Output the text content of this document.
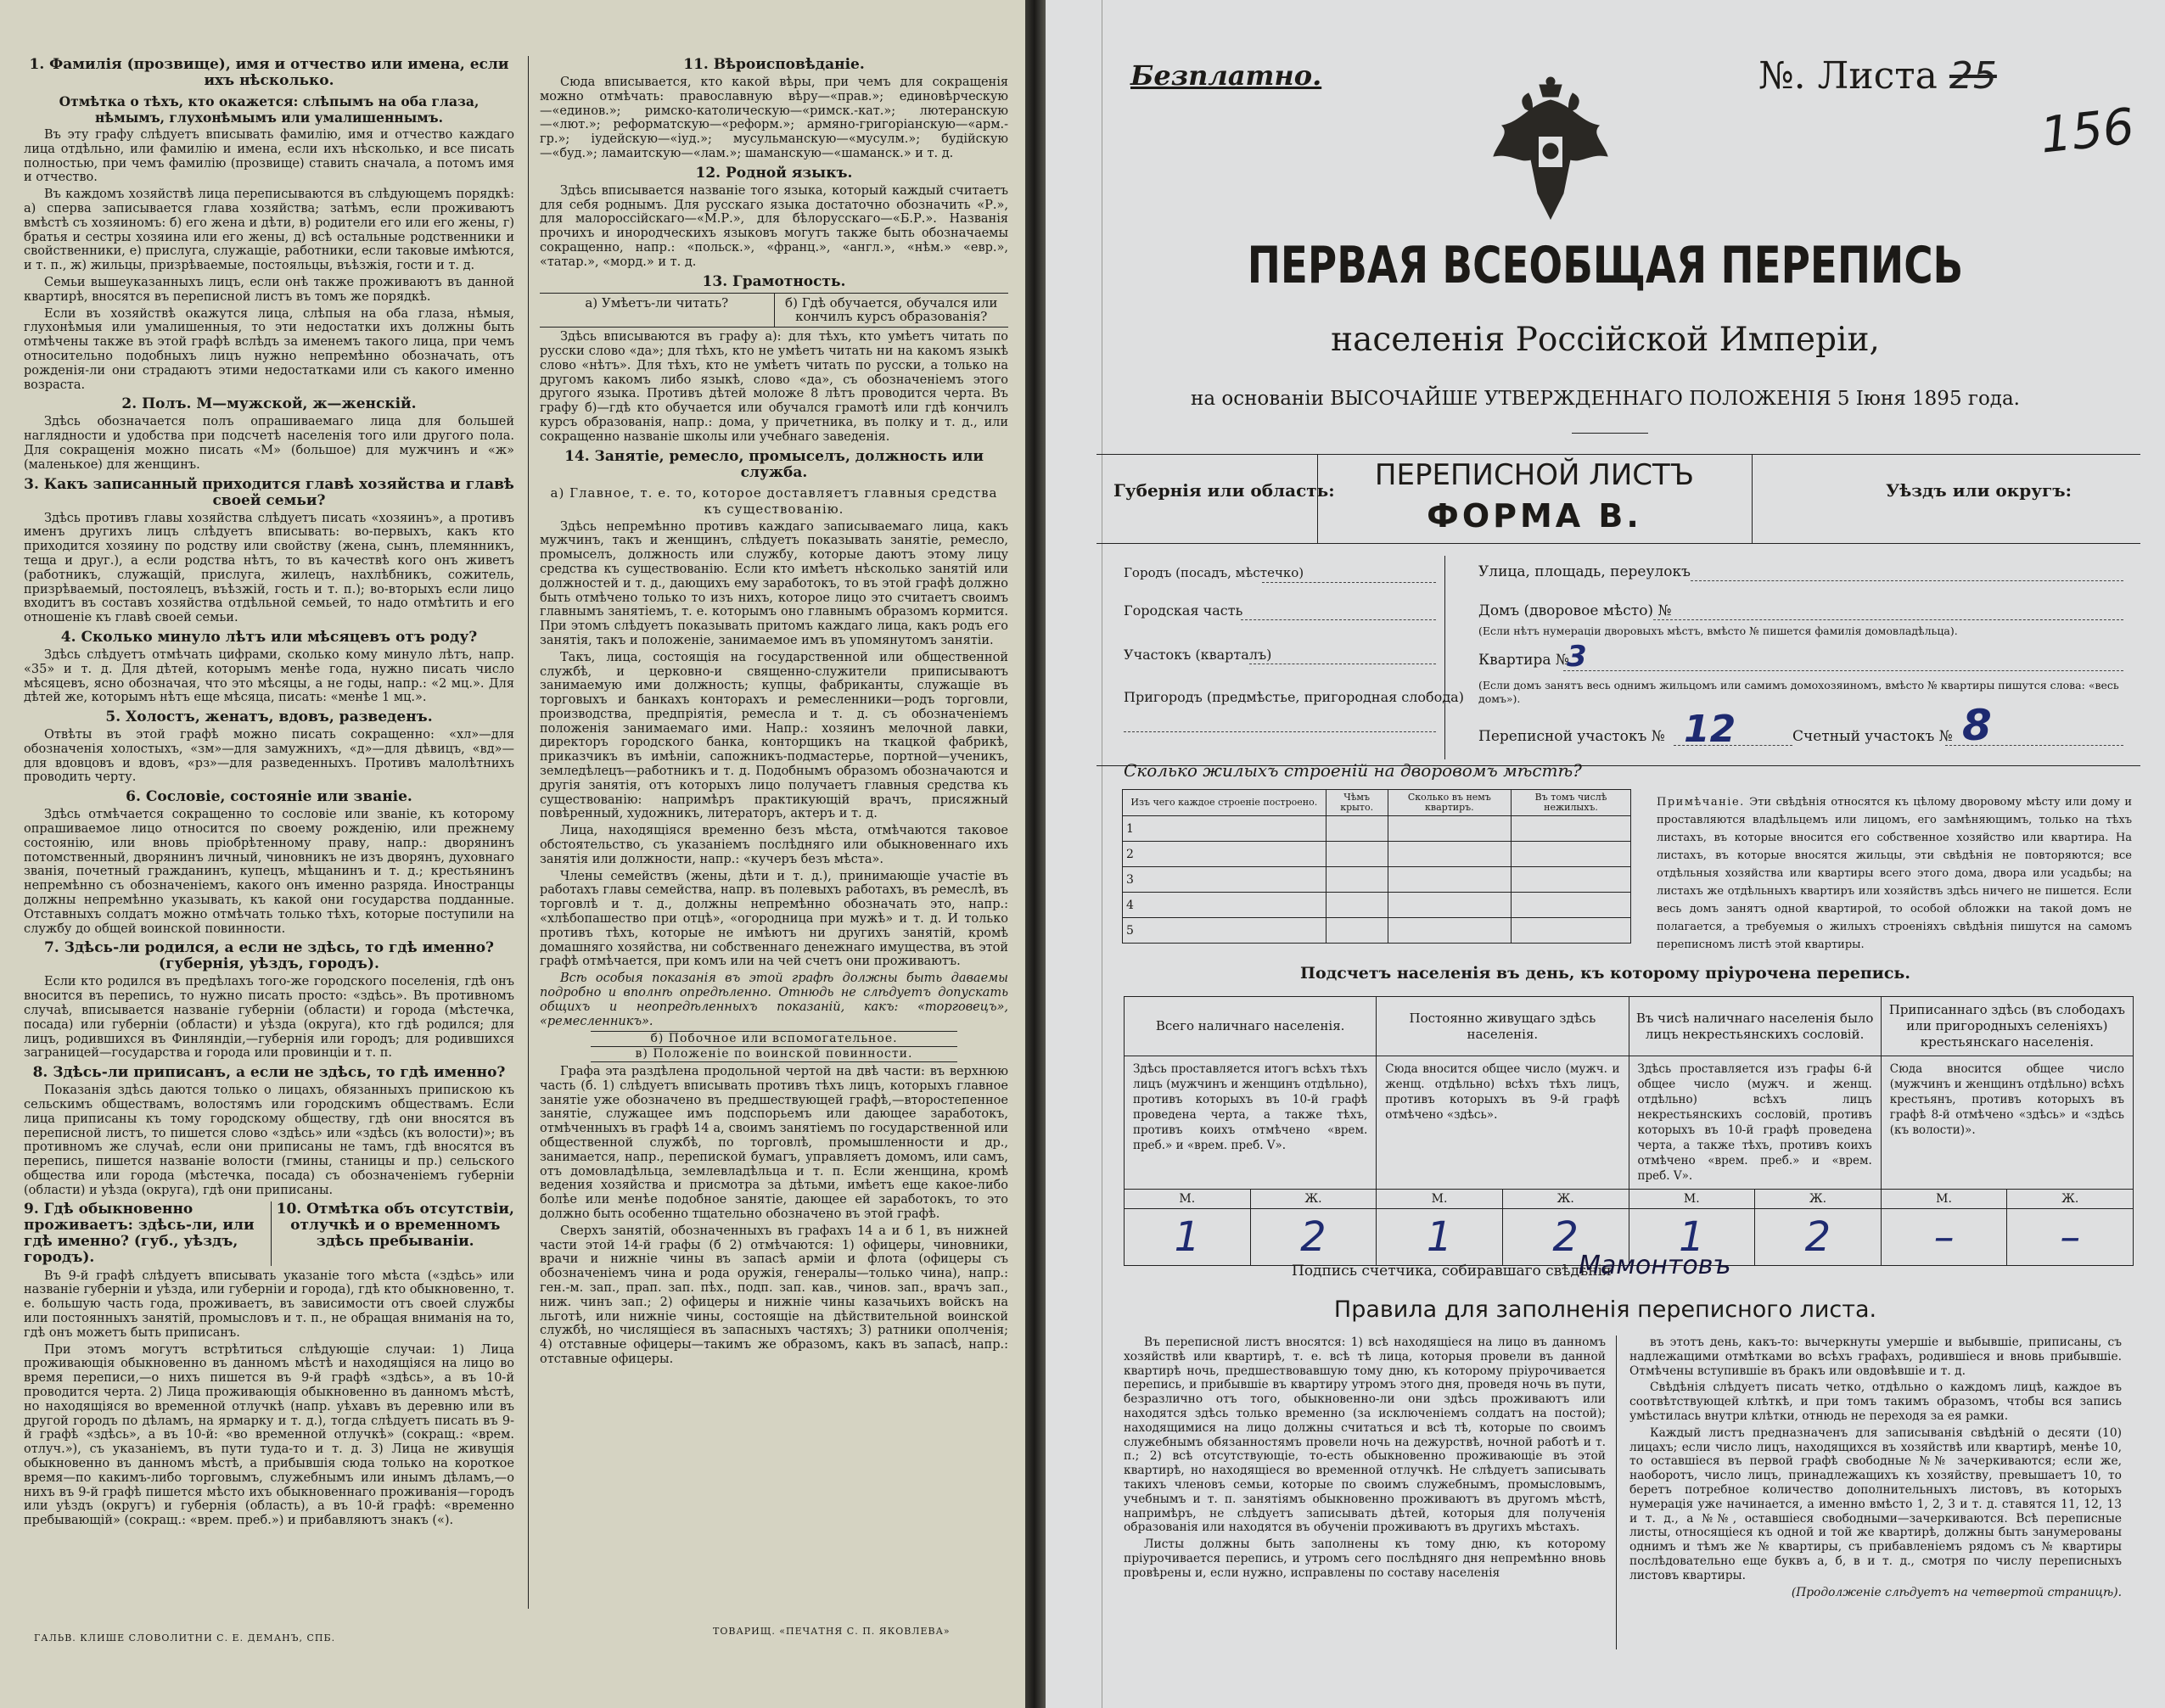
1. Фамилія (прозвище), имя и отчество или имена, если ихъ нѣсколько.
Отмѣтка о тѣхъ, кто окажется: слѣпымъ на оба глаза, нѣмымъ, глухонѣмымъ или умалишеннымъ.

Въ эту графу слѣдуетъ вписывать фамилію, имя и отчество каждаго лица отдѣльно, или фамилію и имена, если ихъ нѣсколько, и все писать полностью, при чемъ фамилію (прозвище) ставить сначала, а потомъ имя и отчество.

Въ каждомъ хозяйствѣ лица переписываются въ слѣдующемъ порядкѣ: а) сперва записывается глава хозяйства; затѣмъ, если проживаютъ вмѣстѣ съ хозяиномъ: б) его жена и дѣти, в) родители его или его жены, г) братья и сестры хозяина или его жены, д) всѣ остальные родственники и свойственники, е) прислуга, служащіе, работники, если таковые имѣются, и т. п., ж) жильцы, призрѣваемые, постояльцы, въѣзжія, гости и т. д.

Семьи вышеуказанныхъ лицъ, если онѣ также проживаютъ въ данной квартирѣ, вносятся въ переписной листъ въ томъ же порядкѣ.

Если въ хозяйствѣ окажутся лица, слѣпыя на оба глаза, нѣмыя, глухонѣмыя или умалишенныя, то эти недостатки ихъ должны быть отмѣчены также въ этой графѣ вслѣдъ за именемъ такого лица, при чемъ относительно подобныхъ лицъ нужно непремѣнно обозначать, отъ рожденія-ли они страдаютъ этими недостатками или съ какого именно возраста.

2. Полъ. М—мужской, ж—женскій.

Здѣсь обозначается полъ опрашиваемаго лица для большей наглядности и удобства при подсчетѣ населенія того или другого пола. Для сокращенія можно писать «М» (большое) для мужчинъ и «ж» (маленькое) для женщинъ.

3. Какъ записанный приходится главѣ хозяйства и главѣ своей семьи?

Здѣсь противъ главы хозяйства слѣдуетъ писать «хозяинъ», а противъ именъ другихъ лицъ слѣдуетъ вписывать: во-первыхъ, какъ кто приходится хозяину по родству или свойству (жена, сынъ, племянникъ, теща и друг.), а если родства нѣтъ, то въ качествѣ кого онъ живетъ (работникъ, служащій, прислуга, жилецъ, нахлѣбникъ, сожитель, призрѣваемый, постоялецъ, въѣзжій, гость и т. п.); во-вторыхъ если лицо входитъ въ составъ хозяйства отдѣльной семьей, то надо отмѣтить и его отношеніе къ главѣ своей семьи.

4. Сколько минуло лѣтъ или мѣсяцевъ отъ роду?

Здѣсь слѣдуетъ отмѣчать цифрами, сколько кому минуло лѣтъ, напр. «35» и т. д. Для дѣтей, которымъ менѣе года, нужно писать число мѣсяцевъ, ясно обозначая, что это мѣсяцы, а не годы, напр.: «2 мц.». Для дѣтей же, которымъ нѣтъ еще мѣсяца, писать: «менѣе 1 мц.».

5. Холостъ, женатъ, вдовъ, разведенъ.

Отвѣты въ этой графѣ можно писать сокращенно: «хл»—для обозначенія холостыхъ, «зм»—для замужнихъ, «д»—для дѣвицъ, «вд»—для вдовцовъ и вдовъ, «рз»—для разведенныхъ. Противъ малолѣтнихъ проводить черту.

6. Сословіе, состояніе или званіе.

Здѣсь отмѣчается сокращенно то сословіе или званіе, къ которому опрашиваемое лицо относится по своему рожденію, или прежнему состоянію, или вновь пріобрѣтенному праву, напр.: дворянинъ потомственный, дворянинъ личный, чиновникъ не изъ дворянъ, духовнаго званія, почетный гражданинъ, купецъ, мѣщанинъ и т. д.; крестьянинъ непремѣнно съ обозначеніемъ, какого онъ именно разряда. Иностранцы должны непремѣнно указывать, къ какой они государства подданные. Отставныхъ солдатъ можно отмѣчать только тѣхъ, которые поступили на службу до общей воинской повинности.

7. Здѣсь-ли родился, а если не здѣсь, то гдѣ именно? (губернія, уѣздъ, городъ).

Если кто родился въ предѣлахъ того-же городского поселенія, гдѣ онъ вносится въ перепись, то нужно писать просто: «здѣсь». Въ противномъ случаѣ, вписывается названіе губерніи (области) и города (мѣстечка, посада) или губерніи (области) и уѣзда (округа), кто гдѣ родился; для лицъ, родившихся въ Финляндіи,—губернія или городъ; для родившихся заграницей—государства и города или провинціи и т. п.

8. Здѣсь-ли приписанъ, а если не здѣсь, то гдѣ именно?

Показанія здѣсь даются только о лицахъ, обязанныхъ припискою къ сельскимъ обществамъ, волостямъ или городскимъ обществамъ. Если лица приписаны къ тому городскому обществу, гдѣ они вносятся въ переписной листъ, то пишется слово «здѣсь» или «здѣсь (къ волости)»; въ противномъ же случаѣ, если они приписаны не тамъ, гдѣ вносятся въ перепись, пишется названіе волости (гмины, станицы и пр.) сельского общества или города (мѣстечка, посада) съ обозначеніемъ губерніи (области) и уѣзда (округа), гдѣ они приписаны.

9. Гдѣ обыкновенно проживаетъ: здѣсь-ли, или гдѣ именно? (губ., уѣздъ, городъ).
10. Отмѣтка объ отсутствіи, отлучкѣ и о временномъ здѣсь пребываніи.

Въ 9-й графѣ слѣдуетъ вписывать указаніе того мѣста («здѣсь» или названіе губерніи и уѣзда, или губерніи и города), гдѣ кто обыкновенно, т. е. большую часть года, проживаетъ, въ зависимости отъ своей службы или постоянныхъ занятій, промысловъ и т. п., не обращая вниманія на то, гдѣ онъ можетъ быть приписанъ.

При этомъ могутъ встрѣтиться слѣдующіе случаи: 1) Лица проживающія обыкновенно въ данномъ мѣстѣ и находящіяся на лицо во время переписи,—о нихъ пишется въ 9-й графѣ «здѣсь», а въ 10-й проводится черта. 2) Лица проживающія обыкновенно въ данномъ мѣстѣ, но находящіяся во временной отлучкѣ (напр. уѣхавъ въ деревню или въ другой городъ по дѣламъ, на ярмарку и т. д.), тогда слѣдуетъ писать въ 9-й графѣ «здѣсь», а въ 10-й: «во временной отлучкѣ» (сокращ.: «врем. отлуч.»), съ указаніемъ, въ пути туда-то и т. д. 3) Лица не живущія обыкновенно въ данномъ мѣстѣ, а прибывшія сюда только на короткое время—по какимъ-либо торговымъ, служебнымъ или инымъ дѣламъ,—о нихъ въ 9-й графѣ пишется мѣсто ихъ обыкновеннаго проживанія—городъ или уѣздъ (округъ) и губернія (область), а въ 10-й графѣ: «временно пребывающій» (сокращ.: «врем. преб.») и прибавляютъ знакъ («).

11. Вѣроисповѣданіе.

Сюда вписывается, кто какой вѣры, при чемъ для сокращенія можно отмѣчать: православную вѣру—«прав.»; единовѣрческую—«единов.»; римско-католическую—«римск.-кат.»; лютеранскую—«лют.»; реформатскую—«реформ.»; армяно-григоріанскую—«арм.-гр.»; іудейскую—«іуд.»; мусульманскую—«мусулм.»; будійскую—«буд.»; ламаитскую—«лам.»; шаманскую—«шаманск.» и т. д.

12. Родной языкъ.

Здѣсь вписывается названіе того языка, который каждый считаетъ для себя роднымъ. Для русскаго языка достаточно обозначить «Р.», для малороссійскаго—«М.Р.», для бѣлорусскаго—«Б.Р.». Названія прочихъ и инородческихъ языковъ могутъ также быть обозначаемы сокращенно, напр.: «польск.», «франц.», «англ.», «нѣм.» «евр.», «татар.», «морд.» и т. д.

13. Грамотность.
а) Умѣетъ-ли читать?	б) Гдѣ обучается, обучался или кончилъ курсъ образованія?

Здѣсь вписываются въ графу а): для тѣхъ, кто умѣетъ читать по русски слово «да»; для тѣхъ, кто не умѣетъ читать ни на какомъ языкѣ слово «нѣтъ». Для тѣхъ, кто не умѣетъ читать по русски, а только на другомъ какомъ либо языкѣ, слово «да», съ обозначеніемъ этого другого языка. Противъ дѣтей моложе 8 лѣтъ проводится черта. Въ графу б)—гдѣ кто обучается или обучался грамотѣ или гдѣ кончилъ курсъ образованія, напр.: дома, у причетника, въ полку и т. д., или сокращенно названіе школы или учебнаго заведенія.

14. Занятіе, ремесло, промыселъ, должность или служба.
а) Главное, т. е. то, которое доставляетъ главныя средства къ существованію.

Здѣсь непремѣнно противъ каждаго записываемаго лица, какъ мужчинъ, такъ и женщинъ, слѣдуетъ показывать занятіе, ремесло, промыселъ, должность или службу, которые даютъ этому лицу средства къ существованію. Если кто имѣетъ нѣсколько занятій или должностей и т. д., дающихъ ему заработокъ, то въ этой графѣ должно быть отмѣчено только то изъ нихъ, которое лицо это считаетъ своимъ главнымъ занятіемъ, т. е. которымъ оно главнымъ образомъ кормится. При этомъ слѣдуетъ показывать притомъ каждаго лица, какъ родъ его занятія, такъ и положеніе, занимаемое имъ въ упомянутомъ занятіи.

Такъ, лица, состоящія на государственной или общественной службѣ, и церковно-и священно-служители приписываютъ занимаемую ими должность; купцы, фабриканты, служащіе въ торговыхъ и банкахъ конторахъ и ремесленники—родъ торговли, производства, предпріятія, ремесла и т. д. съ обозначеніемъ положенія занимаемаго ими. Напр.: хозяинъ мелочной лавки, директоръ городского банка, конторщикъ на ткацкой фабрикѣ, приказчикъ въ имѣніи, сапожникъ-подмастерье, портной—ученикъ, земледѣлецъ—работникъ и т. д. Подобнымъ образомъ обозначаются и другія занятія, отъ которыхъ лицо получаетъ главныя средства къ существованію: напримѣръ практикующій врачъ, присяжный повѣренный, художникъ, литераторъ, актеръ и т. д.

Лица, находящіяся временно безъ мѣста, отмѣчаются таковое обстоятельство, съ указаніемъ послѣдняго или обыкновеннаго ихъ занятія или должности, напр.: «кучеръ безъ мѣста».

Члены семействъ (жены, дѣти и т. д.), принимающіе участіе въ работахъ главы семейства, напр. въ полевыхъ работахъ, въ ремеслѣ, въ торговлѣ и т. д., должны непремѣнно обозначать это, напр.: «хлѣбопашество при отцѣ», «огородница при мужѣ» и т. д. И только противъ тѣхъ, которые не имѣютъ ни другихъ занятій, кромѣ домашняго хозяйства, ни собственнаго денежнаго имущества, въ этой графѣ отмѣчается, при комъ или на чей счетъ они проживаютъ.

Всѣ особыя показанія въ этой графѣ должны быть даваемы подробно и вполнѣ опредѣленно. Отнюдь не слѣдуетъ допускать общихъ и неопредѣленныхъ показаній, какъ: «торговецъ», «ремесленникъ».

б) Побочное или вспомогательное.
в) Положеніе по воинской повинности.

Графа эта раздѣлена продольной чертой на двѣ части: въ верхнюю часть (б. 1) слѣдуетъ вписывать противъ тѣхъ лицъ, которыхъ главное занятіе уже обозначено въ предшествующей графѣ,—второстепенное занятіе, служащее имъ подспорьемъ или дающее заработокъ, отмѣченныхъ въ графѣ 14 а, своимъ занятіемъ по государственной или общественной службѣ, по торговлѣ, промышленности и др., занимается, напр., перепиской бумагъ, управляетъ домомъ, или самъ, отъ домовладѣльца, землевладѣльца и т. п. Если женщина, кромѣ ведения хозяйства и присмотра за дѣтьми, имѣетъ еще какое-либо болѣе или менѣе подобное занятіе, дающее ей заработокъ, то это должно быть особенно тщательно обозначено въ этой графѣ.

Сверхъ занятій, обозначенныхъ въ графахъ 14 а и б 1, въ нижней части этой 14-й графы (б 2) отмѣчаются: 1) офицеры, чиновники, врачи и нижніе чины въ запасѣ арміи и флота (офицеры съ обозначеніемъ чина и рода оружія, генералы—только чина), напр.: ген.-м. зап., прап. зап. пѣх., подп. зап. кав., чинов. зап., врачъ зап., ниж. чинъ зап.; 2) офицеры и нижніе чины казачьихъ войскъ на льготѣ, или нижніе чины, состоящіе на дѣйствительной воинской службѣ, но числящіеся въ запасныхъ частяхъ; 3) ратники ополченія; 4) отставные офицеры—такимъ же образомъ, какъ въ запасѣ, напр.: отставные офицеры.

ГАЛЬВ. КЛИШЕ СЛОВОЛИТНИ С. Е. ДЕМАНЪ, СПБ.
ТОВАРИЩ. «ПЕЧАТНЯ С. П. ЯКОВЛЕВА»
Безплатно.	№. Листа 25
156
ПЕРВАЯ ВСЕОБЩАЯ ПЕРЕПИСЬ
населенія Россійской Имперіи,
на основаніи ВЫСОЧАЙШЕ УТВЕРЖДЕННАГО ПОЛОЖЕНІЯ 5 Іюня 1895 года.
Губернія или область:	ПЕРЕПИСНОЙ ЛИСТЪ
ФОРМА В.
Уѣздъ или округъ:
Городъ (посадъ, мѣстечко)	Улица, площадь, переулокъ
Городская часть	Домъ (дворовое мѣсто) №
(Если нѣтъ нумераціи дворовыхъ мѣстъ, вмѣсто № пишется фамилія домовладѣльца).
Участокъ (кварталъ)	Квартира №
3
Пригородъ (предмѣстье, пригородная слобода)
(Если домъ занятъ весь однимъ жильцомъ или самимъ домохозяиномъ, вмѣсто № квартиры пишутся слова: «весь домъ»).
Переписной участокъ № 12	Счетный участокъ № 8
Сколько жилыхъ строеній на дворовомъ мѣстѣ?
Изъ чего каждое строеніе построено.	Чѣмъ крыто.	Сколько въ немъ квартиръ.	Въ томъ числѣ нежилыхъ.
1			
2			
3			
4			
5			
Примѣчаніе. Эти свѣдѣнія относятся къ цѣлому дворовому мѣсту или дому и проставляются владѣльцемъ или лицомъ, его замѣняющимъ, только на тѣхъ листахъ, въ которые вносится его собственное хозяйство или квартира. На листахъ, въ которые вносятся жильцы, эти свѣдѣнія не повторяются; все отдѣльныя хозяйства или квартиры всего этого дома, двора или усадьбы; на листахъ же отдѣльныхъ квартиръ или хозяйствъ здѣсь ничего не пишется. Если весь домъ занятъ одной квартирой, то особой обложки на такой домъ не полагается, а требуемыя о жилыхъ строеніяхъ свѣдѣнія пишутся на самомъ переписномъ листѣ этой квартиры.
Подсчетъ населенія въ день, къ которому пріурочена перепись.
Всего наличнаго населенія.		Постоянно живущаго здѣсь населенія.		Въ чисѣ наличнаго населенія было лицъ некрестьянскихъ сословій.		Приписаннаго здѣсь (въ слободахъ или пригородныхъ селеніяхъ) крестьянскаго населенія.	
Здѣсь проставляется итогъ всѣхъ тѣхъ лицъ (мужчинъ и женщинъ отдѣльно), противъ которыхъ въ 10-й графѣ проведена черта, а также тѣхъ, противъ коихъ отмѣчено «врем. преб.» и «врем. преб. V».		Сюда вносится общее число (мужч. и женщ. отдѣльно) всѣхъ тѣхъ лицъ, противъ которыхъ въ 9-й графѣ отмѣчено «здѣсь».		Здѣсь проставляется изъ графы 6-й общее число (мужч. и женщ. отдѣльно) всѣхъ лицъ некрестьянскихъ сословій, противъ которыхъ въ 10-й графѣ проведена черта, а также тѣхъ, противъ коихъ отмѣчено «врем. преб.» и «врем. преб. V».		Сюда вносится общее число (мужчинъ и женщинъ отдѣльно) всѣхъ крестьянъ, противъ которыхъ въ графѣ 8-й отмѣчено «здѣсь» и «здѣсь (къ волости)».	
М.	Ж.	М.	Ж.	М.	Ж.	М.	Ж.
1	2	1	2	1	2	–	–
Подпись счетчика, собиравшаго свѣдѣнія
Мамонтовъ
Правила для заполненія переписного листа.

Въ переписной листъ вносятся: 1) всѣ находящіеся на лицо въ данномъ хозяйствѣ или квартирѣ, т. е. всѣ тѣ лица, которыя провели въ данной квартирѣ ночь, предшествовавшую тому дню, къ которому пріурочивается перепись, и прибывшіе въ квартиру утромъ этого дня, проведя ночь въ пути, безразлично отъ того, обыкновенно-ли они здѣсь проживаютъ или находятся здѣсь только временно (за исключеніемъ солдатъ на постой); находящимися на лицо должны считаться и всѣ тѣ, которые по своимъ служебнымъ обязанностямъ провели ночь на дежурствѣ, ночной работѣ и т. п.; 2) всѣ отсутствующіе, то-есть обыкновенно проживающіе въ этой квартирѣ, но находящіеся во временной отлучкѣ. Не слѣдуетъ записывать такихъ членовъ семьи, которые по своимъ служебнымъ, промысловымъ, учебнымъ и т. п. занятіямъ обыкновенно проживаютъ въ другомъ мѣстѣ, напримѣръ, не слѣдуетъ записывать дѣтей, которыя для полученія образованія или находятся въ обученіи проживаютъ въ другихъ мѣстахъ.

Листы должны быть заполнены къ тому дню, къ которому пріурочивается перепись, и утромъ сего послѣдняго дня непремѣнно вновь провѣрены и, если нужно, исправлены по составу населенія

въ этотъ день, какъ-то: вычеркнуты умершіе и выбывшіе, приписаны, съ надлежащими отмѣтками во всѣхъ графахъ, родившіеся и вновь прибывшіе. Отмѣчены вступившіе въ бракъ или овдовѣвшіе и т. д.

Свѣдѣнія слѣдуетъ писать четко, отдѣльно о каждомъ лицѣ, каждое въ соотвѣтствующей клѣткѣ, и при томъ такимъ образомъ, чтобы вся запись умѣстилась внутри клѣтки, отнюдь не переходя за ея рамки.

Каждый листъ предназначенъ для записыванія свѣдѣній о десяти (10) лицахъ; если число лицъ, находящихся въ хозяйствѣ или квартирѣ, менѣе 10, то оставшіеся въ первой графѣ свободные №№ зачеркиваются; если же, наоборотъ, число лицъ, принадлежащихъ къ хозяйству, превышаетъ 10, то беретъ потребное количество дополнительныхъ листовъ, въ которыхъ нумерація уже начинается, а именно вмѣсто 1, 2, 3 и т. д. ставятся 11, 12, 13 и т. д., а №№, оставшіеся свободными—зачеркиваются. Всѣ переписные листы, относящіеся къ одной и той же квартирѣ, должны быть занумерованы однимъ и тѣмъ же № квартиры, съ прибавленіемъ рядомъ съ № квартиры послѣдовательно еще буквъ а, б, в и т. д., смотря по числу переписныхъ листовъ квартиры.

(Продолженіе слѣдуетъ на четвертой страницѣ).
